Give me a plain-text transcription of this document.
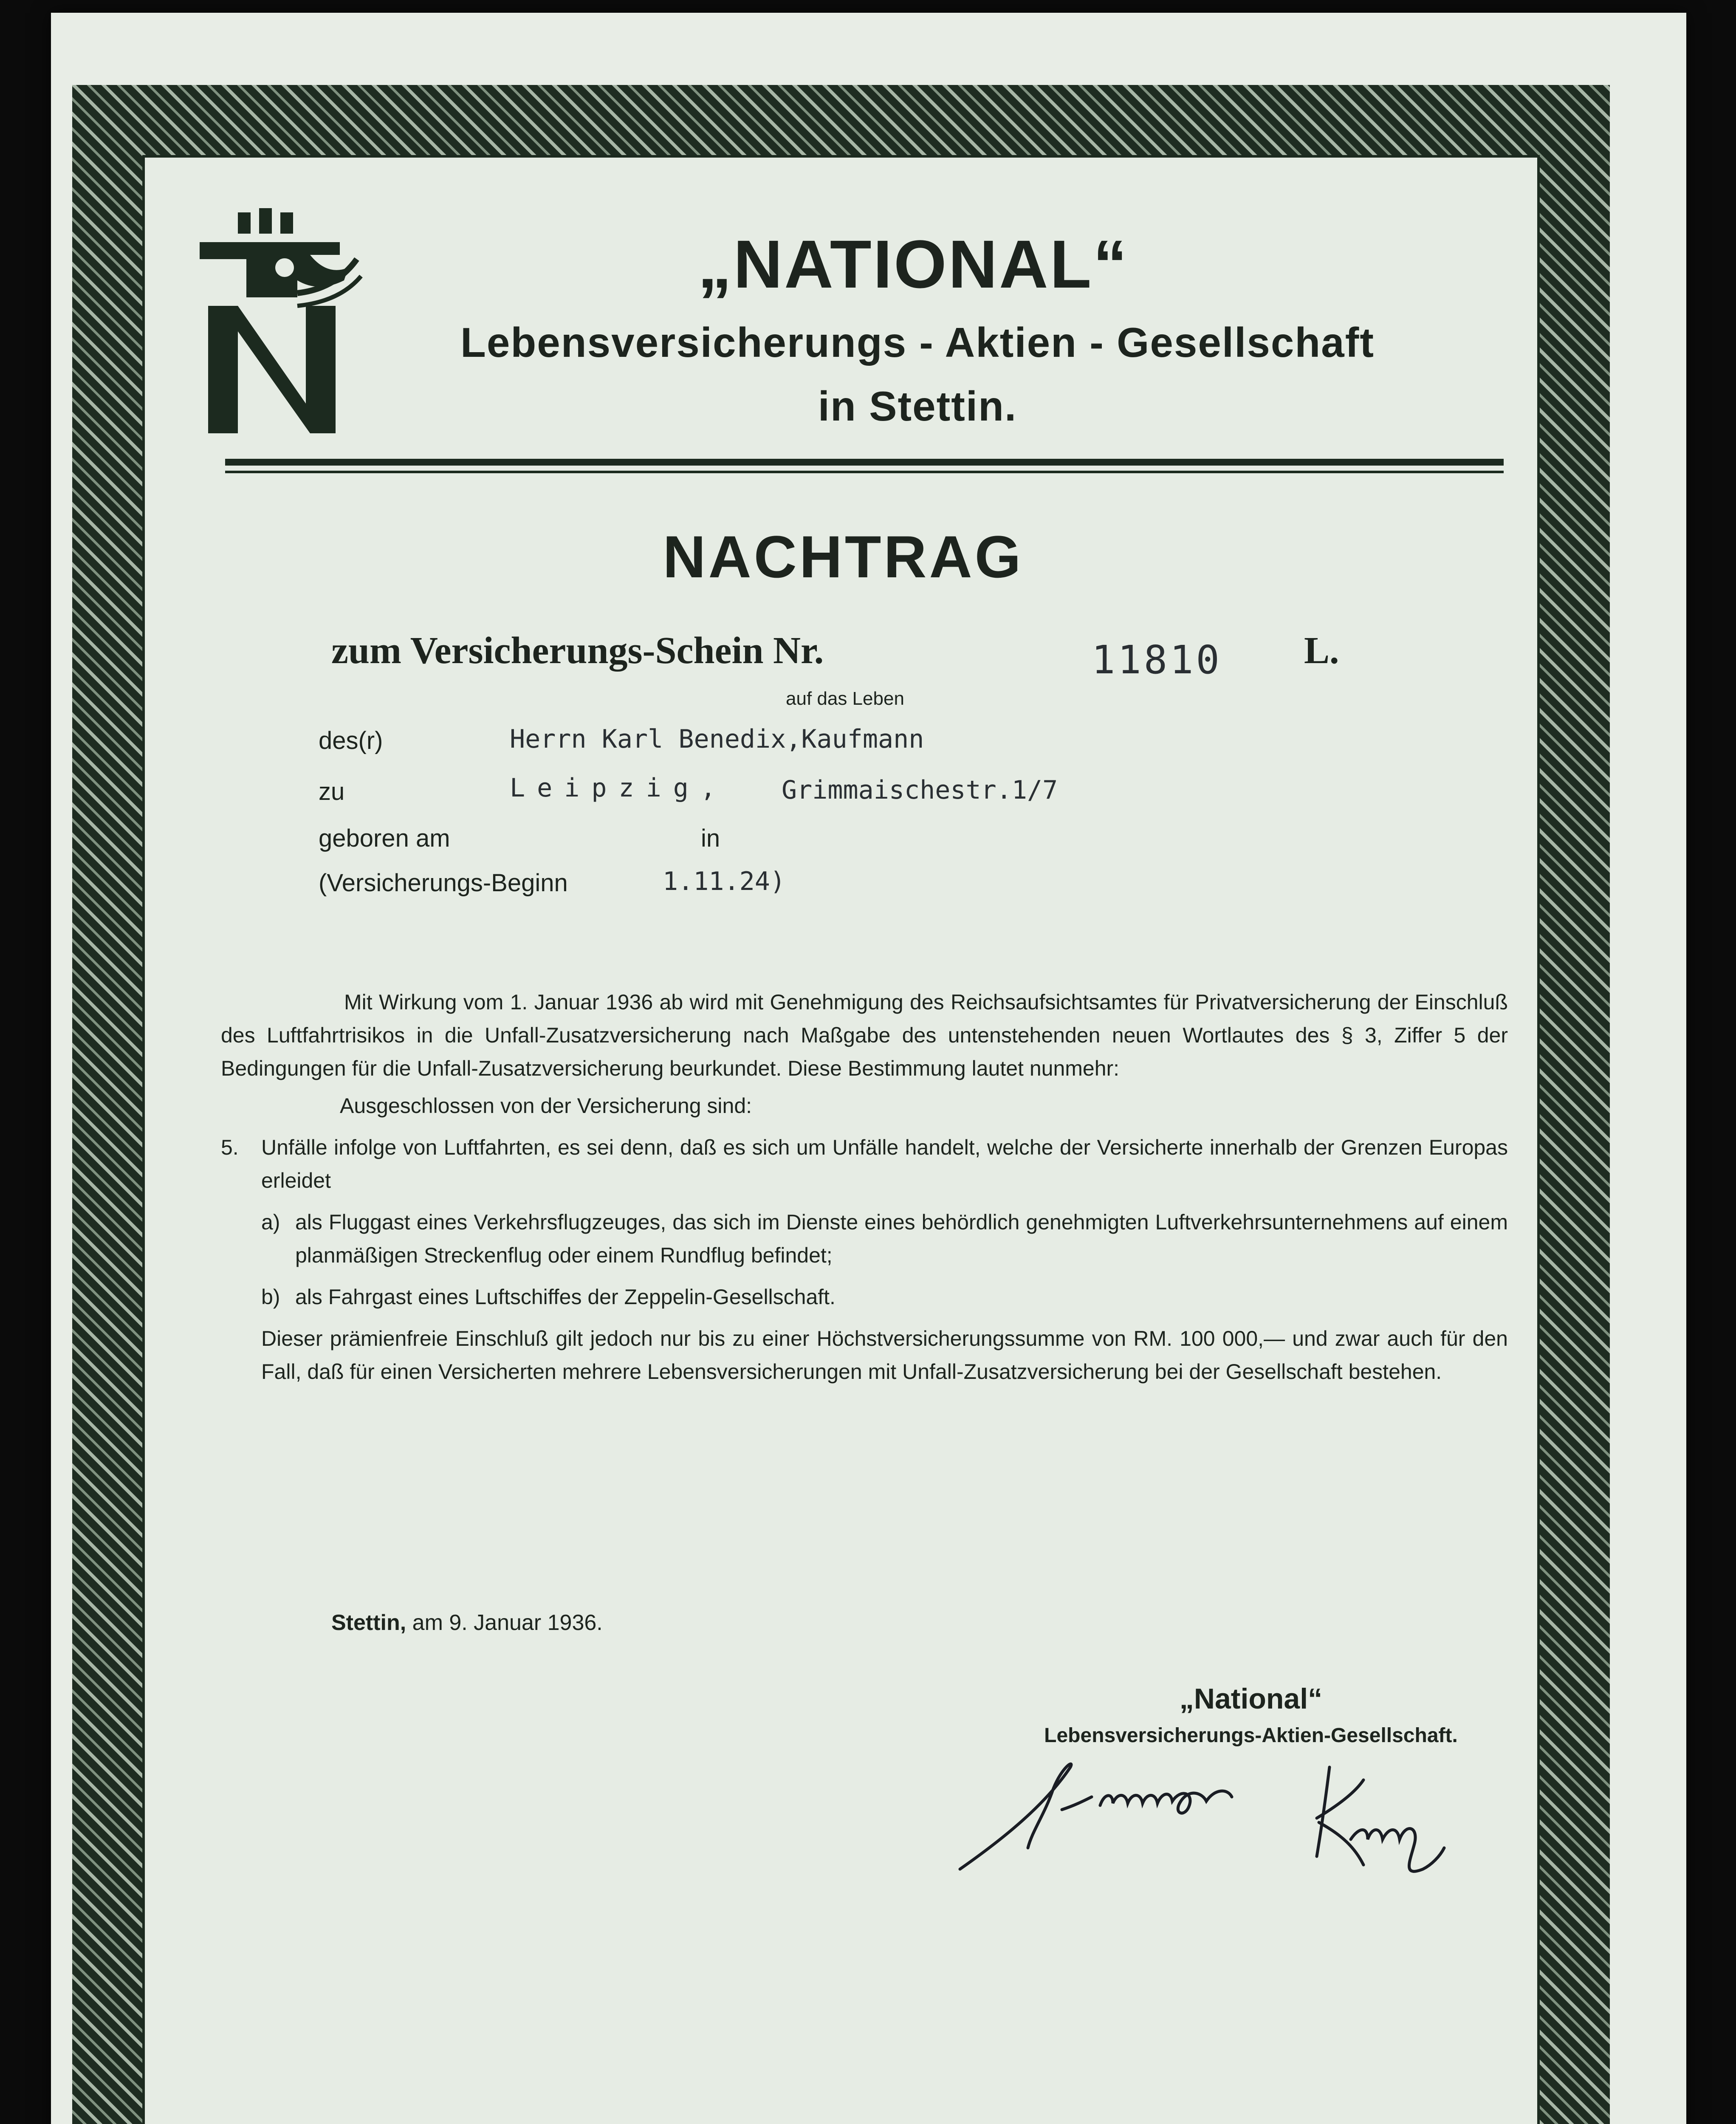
„NATIONAL“
Lebensversicherungs - Aktien - Gesellschaft
in Stettin.
NACHTRAG
zum Versicherungs-Schein Nr.	11810 L.
auf das Leben
des(r)	Herrn Karl Benedix,Kaufmann
zu	Leipzig, Grimmaischestr.1/7
geboren am	in
(Versicherungs-Beginn	1.11.24)

Mit Wirkung vom 1. Januar 1936 ab wird mit Genehmigung des Reichsaufsichtsamtes für Privatversicherung der Einschluß des Luftfahrtrisikos in die Unfall-Zusatzversicherung nach Maßgabe des untenstehenden neuen Wortlautes des § 3, Ziffer 5 der Bedingungen für die Unfall-Zusatzversicherung beurkundet. Diese Bestimmung lautet nunmehr:

Ausgeschlossen von der Versicherung sind:

5.	Unfälle infolge von Luftfahrten, es sei denn, daß es sich um Unfälle handelt, welche der Versicherte innerhalb der Grenzen Europas erleidet
a) als Fluggast eines Verkehrsflugzeuges, das sich im Dienste eines behördlich genehmigten Luftverkehrsunternehmens auf einem planmäßigen Streckenflug oder einem Rundflug befindet;
b) als Fahrgast eines Luftschiffes der Zeppelin-Gesellschaft.

Dieser prämienfreie Einschluß gilt jedoch nur bis zu einer Höchstversicherungssumme von RM. 100 000,— und zwar auch für den Fall, daß für einen Versicherten mehrere Lebensversicherungen mit Unfall-Zusatzversicherung bei der Gesellschaft bestehen.

Stettin, am 9. Januar 1936.
„National“
Lebensversicherungs-Aktien-Gesellschaft.
